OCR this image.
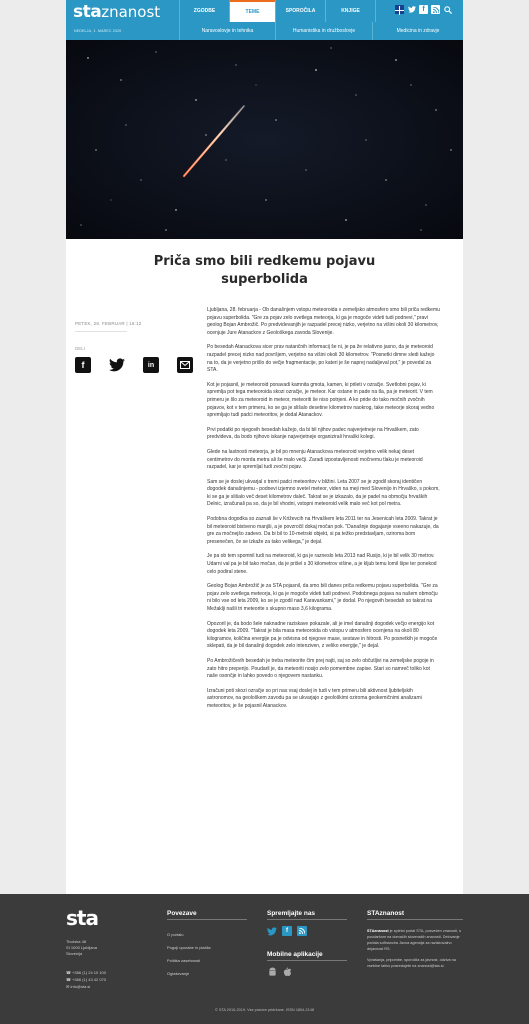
staznanost
NEDELJA, 1. MAREC 2020
ZGODBE	TEME	SPOROČILA	KNJIGE	f
Naravoslovje in tehnika	Humanistika in družboslovje	Medicina in zdravje
Priča smo bili redkemu pojavu superbolida
PETEK, 28. FEBRUAR | 16:12
DELI
f	in

Ljubljana, 28. februarja - Ob današnjem vstopu meteoroida v zemeljsko atmosfero smo bili priča redkemu pojavu superbolida. "Gre za pojav zelo svetlega meteorja, ki ga je mogoče videti tudi podnevi," pravi geolog Bojan Ambrožič. Po predvidevanjih je razpadel precej nizko, verjetno na višini okoli 30 kilometrov, ocenjuje Jure Atanackov z Geološkega zavoda Slovenije.

Po besedah Atanackova sicer prav natančnih informacij še ni, je pa že relativno jasno, da je meteoroid razpadel precej nizko nad površjem, verjetno na višini okoli 30 kilometrov. "Posnetki dimne sledi kažejo na to, da je verjetno prišlo do večje fragmentacije, po kateri je še naprej nadaljeval pot," je povedal za STA.

Kot je pojasnil, je meteoroid ponavadi kamnita gmota, kamen, ki prileti v ozračje. Svetlobni pojav, ki spremlja pot tega meteoroida skozi ozračje, je meteor. Kar ostane in pade na tla, pa je meteorit. V tem primeru je šlo za meteoroid in meteor, meteoriti še niso potrjeni. A ko pride do tako močnih zvočnih pojavov, kot v tem primeru, ko se ga je slišalo desetine kilometrov naokrog, take meteorje skoraj vedno spremljajo tudi padci meteoritov, je dodal Atanackov.

Prvi podatki po njegovih besedah kažejo, da bi bil njihov padec najverjetneje na Hrvaškem, zato predvideva, da bodo njihovo iskanje najverjetneje organizirali hrvaški kolegi.

Glede na lastnosti meteorja, je bil po mnenju Atanackova meteoroid verjetno velik nekaj deset centimetrov do morda metra ali še malo večji. Zaradi izpostavljenosti močnemu tlaku je meteoroid razpadel, kar je spremljal tudi zvočni pojav.

Sam se je doslej ukvarjal s tremi padci meteoritov v bližini. Leta 2007 se je zgodil skoraj identičen dogodek današnjemu - podnevi izjemno svetel meteor, viden na meji med Slovenijo in Hrvaško, s pokom, ki se ga je slišalo več deset kilometrov daleč. Takrat se je izkazalo, da je padel na območju hrvaških Delnic, izračunali pa so, da je bil vhodni, vstopni meteoroid velik malo več kot pol metra.

Podobna dogodka so zaznali še v Križevcih na Hrvaškem leta 2011 ter na Jesenicah leta 2009. Takrat je bil meteoroid bistveno manjši, a je povzročil dokaj močan pok. "Današnje dogajanje vseeno nakazuje, da gre za močnejšo zadevo. Da bi bil to 10-metrski objekt, si pa težko predstavljam, oziroma bom presenečen, če se izkaže za tako velikega," je dejal.

Je pa ob tem spomnil tudi na meteoroid, ki ga je razneslo leta 2013 nad Rusijo, ki je bil velik 30 metrov. Udarni val pa je bil tako močan, da je prišel s 30 kilometrov višine, a je kljub temu lomil šipe ter ponekod celo podiral stene.

Geolog Bojan Ambrožič je za STA pojasnil, da smo bili danes priča redkemu pojavu superbolida. "Gre za pojav zelo svetlega meteorja, ki ga je mogoče videti tudi podnevi. Podobnega pojava na našem območju ni bilo vse od leta 2009, ko se je zgodil nad Karavankami," je dodal. Po njegovih besedah so takrat na Mežaklji našli tri meteorite s skupno maso 3,6 kilograma.

Opozoril je, da bodo šele naknadne raziskave pokazale, ali je imel današnji dogodek večjo energijo kot dogodek leta 2009. "Takrat je bila masa meteoroida ob vstopu v atmosfero ocenjena na okoli 80 kilogramov, količina energije pa je odvisna od njegove mase, sestave in hitrosti. Po posnetkih je mogoče sklepati, da je bil današnji dogodek zelo intenziven, z veliko energije," je dejal.

Po Ambrožičevih besedah je treba meteorite čim prej najti, saj so zelo občutljivi na zemeljske pogoje in zato hitro preperijo. Poudaril je, da meteoriti nosijo zelo pomembne zapise. Stari so namreč toliko kot naše osončje in lahko povedo o njegovem nastanku.

Izračuni poti skozi ozračje so pri nas vsaj doslej in tudi v tem primeru bili aktivnost ljubiteljskih astronomov, na geološkem zavodu pa se ukvarjajo z geološkimi oziroma geokemičnimi analizami meteoritov, je še pojasnil Atanackov.

sta
Tivolska 48
SI 1000 Ljubljana
Slovenija
☎ +386 (1) 24 10 100
☎ +386 (1) 43 42 070
✉ info@sta.si
Povezave
O portalu
Pogoji uporabe in plačila
Politika zasebnosti
Oglaševanje
Spremljajte nas
f
Mobilne aplikacije
STAznanost
STAznanost je spletni portal STA, posvečen znanosti, s poudarkom na domačih slovenskih znanosti. Delovanje portala sofinancira Javna agencija za raziskovalno dejavnost RS.
Vprašanja, pripombe, sporočila za javnost, odziva na vsebine lahko posredujete na znanost@sta.si.
© STA 2015-2019. Vse pravice pridržane. ISSN 1854-2148
